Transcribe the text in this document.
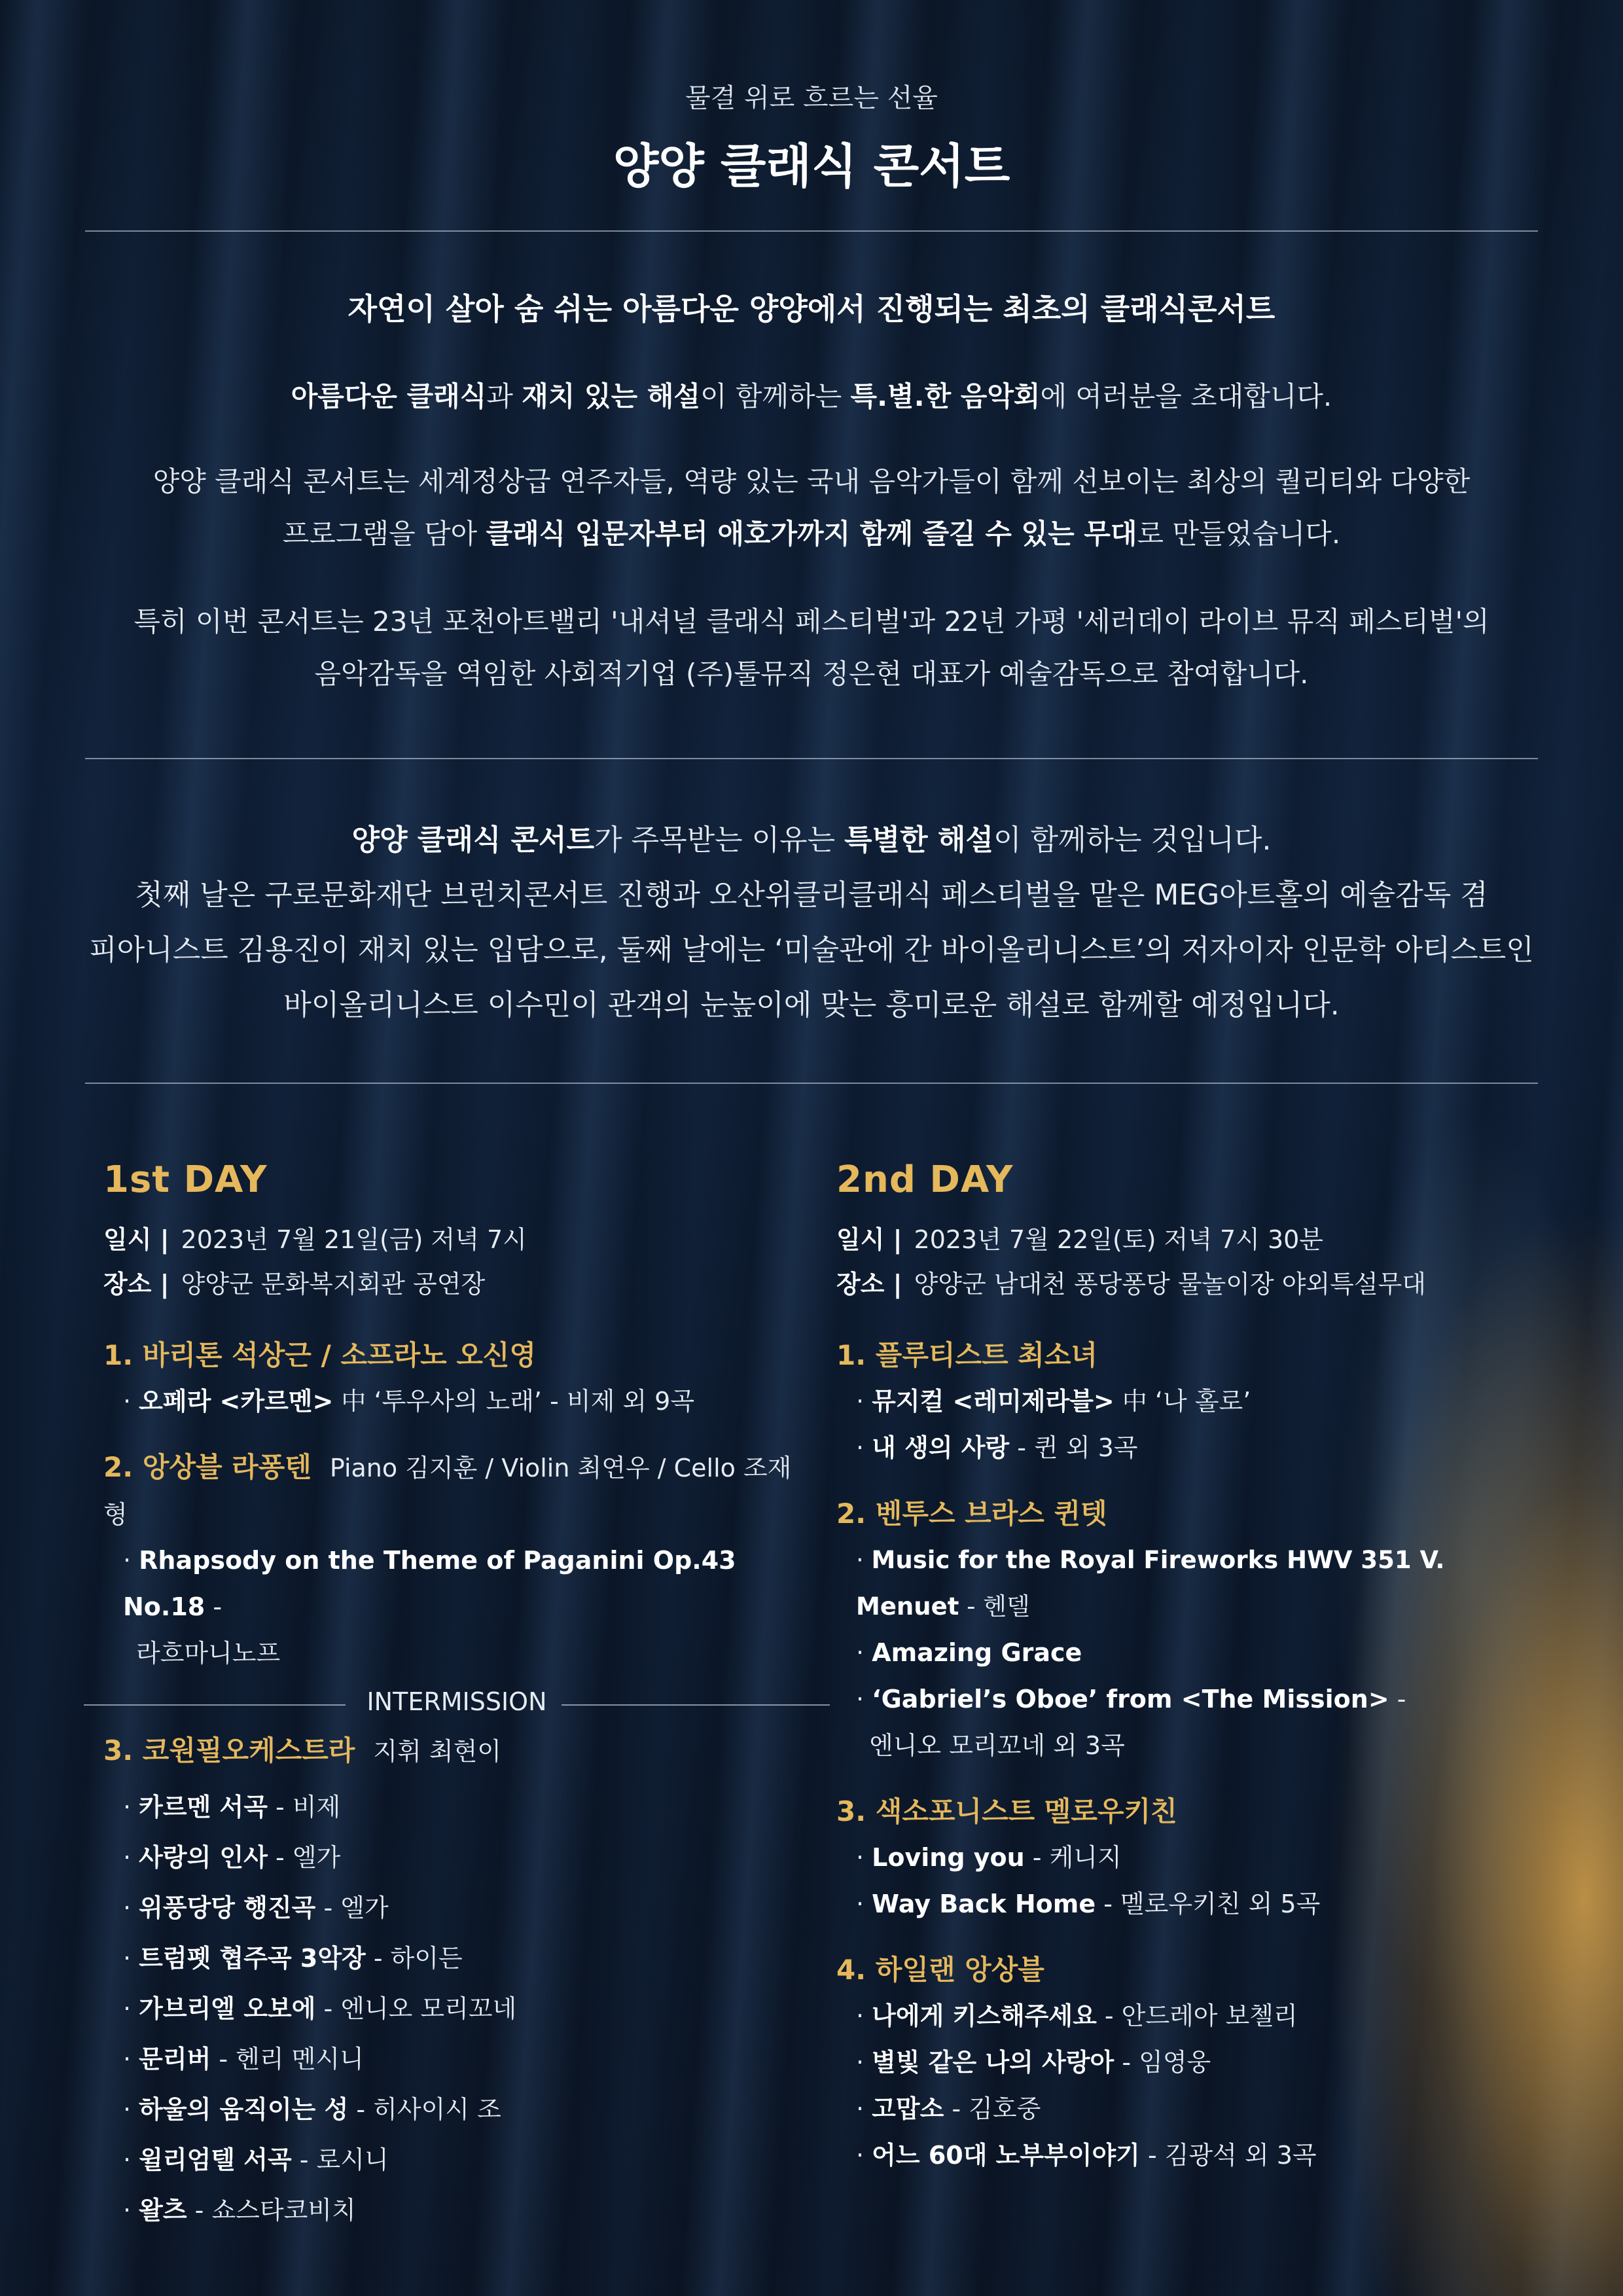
물결 위로 흐르는 선율
양양 클래식 콘서트
자연이 살아 숨 쉬는 아름다운 양양에서 진행되는 최초의 클래식콘서트
아름다운 클래식과 재치 있는 해설이 함께하는 특.별.한 음악회에 여러분을 초대합니다.
양양 클래식 콘서트는 세계정상급 연주자들, 역량 있는 국내 음악가들이 함께 선보이는 최상의 퀄리티와 다양한
프로그램을 담아 클래식 입문자부터 애호가까지 함께 즐길 수 있는 무대로 만들었습니다.
특히 이번 콘서트는 23년 포천아트밸리 '내셔널 클래식 페스티벌'과 22년 가평 '세러데이 라이브 뮤직 페스티벌'의
음악감독을 역임한 사회적기업 (주)툴뮤직 정은현 대표가 예술감독으로 참여합니다.
양양 클래식 콘서트가 주목받는 이유는 특별한 해설이 함께하는 것입니다.
첫째 날은 구로문화재단 브런치콘서트 진행과 오산위클리클래식 페스티벌을 맡은 MEG아트홀의 예술감독 겸
피아니스트 김용진이 재치 있는 입담으로, 둘째 날에는 ‘미술관에 간 바이올리니스트’의 저자이자 인문학 아티스트인
바이올리니스트 이수민이 관객의 눈높이에 맞는 흥미로운 해설로 함께할 예정입니다.
1st DAY
일시 | 2023년 7월 21일(금) 저녁 7시
장소 | 양양군 문화복지회관 공연장
1. 바리톤 석상근 / 소프라노 오신영
· 오페라 <카르멘> 中 ‘투우사의 노래’ - 비제 외 9곡
2. 앙상블 라퐁텐 Piano 김지훈 / Violin 최연우 / Cello 조재형
· Rhapsody on the Theme of Paganini Op.43 No.18 -
라흐마니노프
INTERMISSION
3. 코원필오케스트라 지휘 최현이
· 카르멘 서곡 - 비제
· 사랑의 인사 - 엘가
· 위풍당당 행진곡 - 엘가
· 트럼펫 협주곡 3악장 - 하이든
· 가브리엘 오보에 - 엔니오 모리꼬네
· 문리버 - 헨리 멘시니
· 하울의 움직이는 성 - 히사이시 조
· 윌리엄텔 서곡 - 로시니
· 왈츠 - 쇼스타코비치
2nd DAY
일시 | 2023년 7월 22일(토) 저녁 7시 30분
장소 | 양양군 남대천 퐁당퐁당 물놀이장 야외특설무대
1. 플루티스트 최소녀
· 뮤지컬 <레미제라블> 中 ‘나 홀로’
· 내 생의 사랑 - 퀸 외 3곡
2. 벤투스 브라스 퀸텟
· Music for the Royal Fireworks HWV 351 V. Menuet - 헨델
· Amazing Grace
· ‘Gabriel’s Oboe’ from <The Mission> -
엔니오 모리꼬네 외 3곡
3. 색소포니스트 멜로우키친
· Loving you - 케니지
· Way Back Home - 멜로우키친 외 5곡
4. 하일랜 앙상블
· 나에게 키스해주세요 - 안드레아 보첼리
· 별빛 같은 나의 사랑아 - 임영웅
· 고맙소 - 김호중
· 어느 60대 노부부이야기 - 김광석 외 3곡
